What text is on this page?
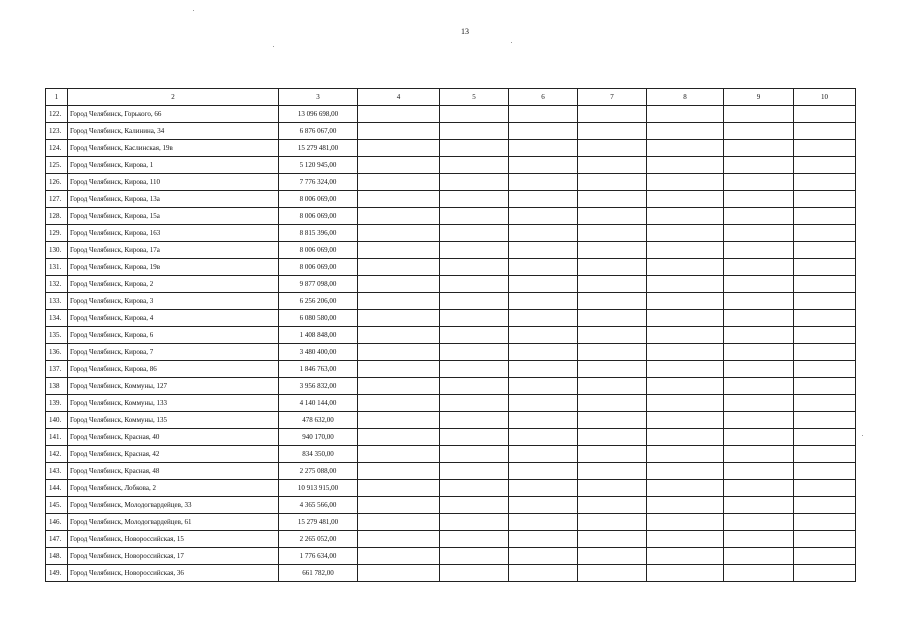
13
1	2	3	4	5	6	7	8	9	10
122.	Город Челябинск, Горького, 66	13 096 698,00							
123.	Город Челябинск, Калинина, 34	6 876 067,00							
124.	Город Челябинск, Каслинская, 19в	15 279 481,00							
125.	Город Челябинск, Кирова, 1	5 120 945,00							
126.	Город Челябинск, Кирова, 110	7 776 324,00							
127.	Город Челябинск, Кирова, 13а	8 006 069,00							
128.	Город Челябинск, Кирова, 15а	8 006 069,00							
129.	Город Челябинск, Кирова, 163	8 815 396,00							
130.	Город Челябинск, Кирова, 17а	8 006 069,00							
131.	Город Челябинск, Кирова, 19в	8 006 069,00							
132.	Город Челябинск, Кирова, 2	9 877 098,00							
133.	Город Челябинск, Кирова, 3	6 256 206,00							
134.	Город Челябинск, Кирова, 4	6 080 580,00							
135.	Город Челябинск, Кирова, 6	1 408 848,00							
136.	Город Челябинск, Кирова, 7	3 480 400,00							
137.	Город Челябинск, Кирова, 86	1 846 763,00							
138	Город Челябинск, Коммуны, 127	3 956 832,00							
139.	Город Челябинск, Коммуны, 133	4 140 144,00							
140.	Город Челябинск, Коммуны, 135	478 632,00							
141.	Город Челябинск, Красная, 40	940 170,00							
142.	Город Челябинск, Красная, 42	834 350,00							
143.	Город Челябинск, Красная, 48	2 275 088,00							
144.	Город Челябинск, Лобкова, 2	10 913 915,00							
145.	Город Челябинск, Молодогвардейцев, 33	4 365 566,00							
146.	Город Челябинск, Молодогвардейцев, 61	15 279 481,00							
147.	Город Челябинск, Новороссийская, 15	2 265 052,00							
148.	Город Челябинск, Новороссийская, 17	1 776 634,00							
149.	Город Челябинск, Новороссийская, 36	661 782,00							
